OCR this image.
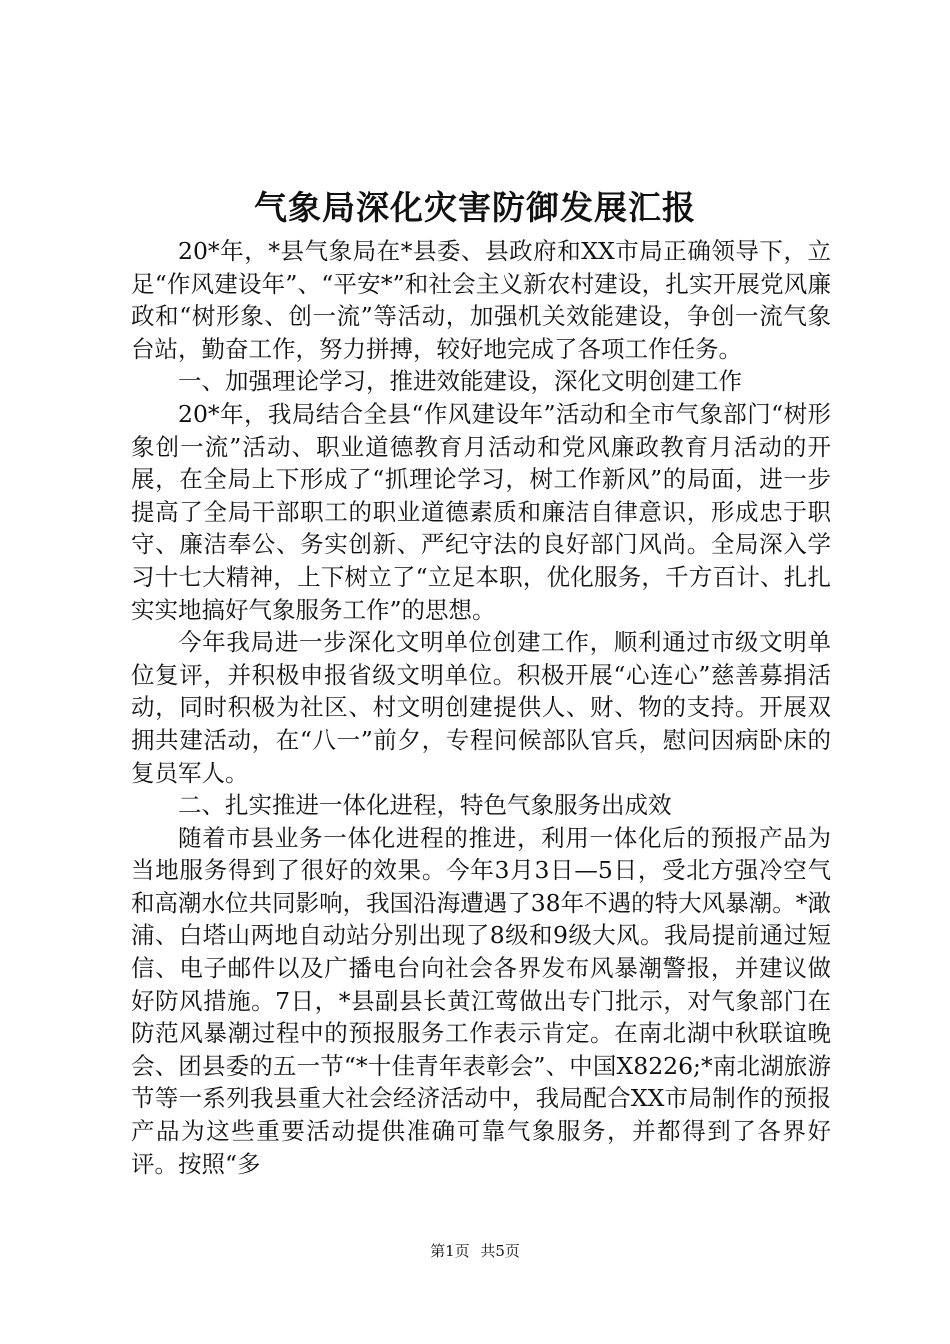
气象局深化灾害防御发展汇报

20*年，*县气象局在*县委、县政府和XX市局正确领导下，立足“作风建设年”、“平安*”和社会主义新农村建设，扎实开展党风廉政和“树形象、创一流”等活动，加强机关效能建设，争创一流气象台站，勤奋工作，努力拼搏，较好地完成了各项工作任务。

一、加强理论学习，推进效能建设，深化文明创建工作

20*年，我局结合全县“作风建设年”活动和全市气象部门“树形象创一流”活动、职业道德教育月活动和党风廉政教育月活动的开展，在全局上下形成了“抓理论学习，树工作新风”的局面，进一步提高了全局干部职工的职业道德素质和廉洁自律意识，形成忠于职守、廉洁奉公、务实创新、严纪守法的良好部门风尚。全局深入学习十七大精神，上下树立了“立足本职，优化服务，千方百计、扎扎实实地搞好气象服务工作”的思想。

今年我局进一步深化文明单位创建工作，顺利通过市级文明单位复评，并积极申报省级文明单位。积极开展“心连心”慈善募捐活动，同时积极为社区、村文明创建提供人、财、物的支持。开展双拥共建活动，在“八一”前夕，专程问候部队官兵，慰问因病卧床的复员军人。

二、扎实推进一体化进程，特色气象服务出成效

随着市县业务一体化进程的推进，利用一体化后的预报产品为当地服务得到了很好的效果。今年3月3日—5日，受北方强冷空气和高潮水位共同影响，我国沿海遭遇了38年不遇的特大风暴潮。*澉浦、白塔山两地自动站分别出现了8级和9级大风。我局提前通过短信、电子邮件以及广播电台向社会各界发布风暴潮警报，并建议做好防风措施。7日，*县副县长黄江莺做出专门批示，对气象部门在防范风暴潮过程中的预报服务工作表示肯定。在南北湖中秋联谊晚会、团县委的五一节“*十佳青年表彰会”、中国X8226;*南北湖旅游节等一系列我县重大社会经济活动中，我局配合XX市局制作的预报产品为这些重要活动提供准确可靠气象服务，并都得到了各界好评。按照“多

第1页 共5页
